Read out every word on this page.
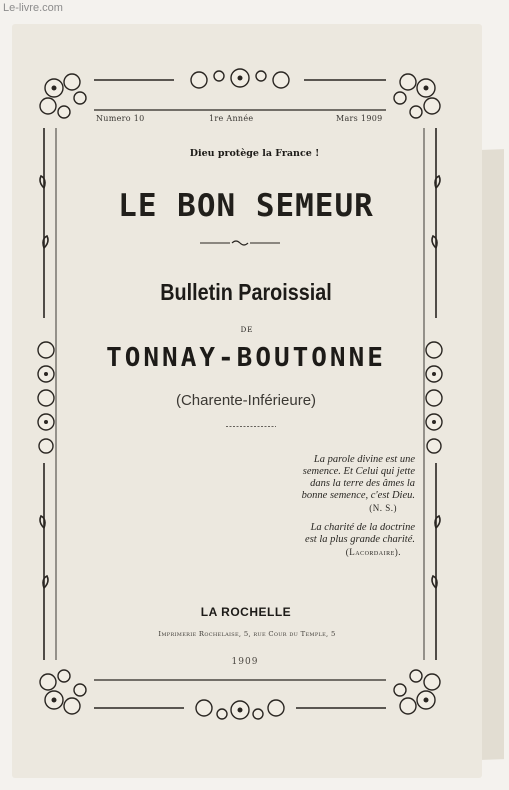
Le-livre.com
Numero 10	1re Année	Mars 1909
Dieu protège la France !
LE BON SEMEUR
Bulletin Paroissial
DE
TONNAY-BOUTONNE
(Charente-Inférieure)
La parole divine est une
semence. Et Celui qui jette
dans la terre des âmes la
bonne semence, c'est Dieu.
(N. S.)
La charité de la doctrine
est la plus grande charité.
(Lacordaire).
LA ROCHELLE
Imprimerie Rochelaise, 5, rue Cour du Temple, 5
1909
